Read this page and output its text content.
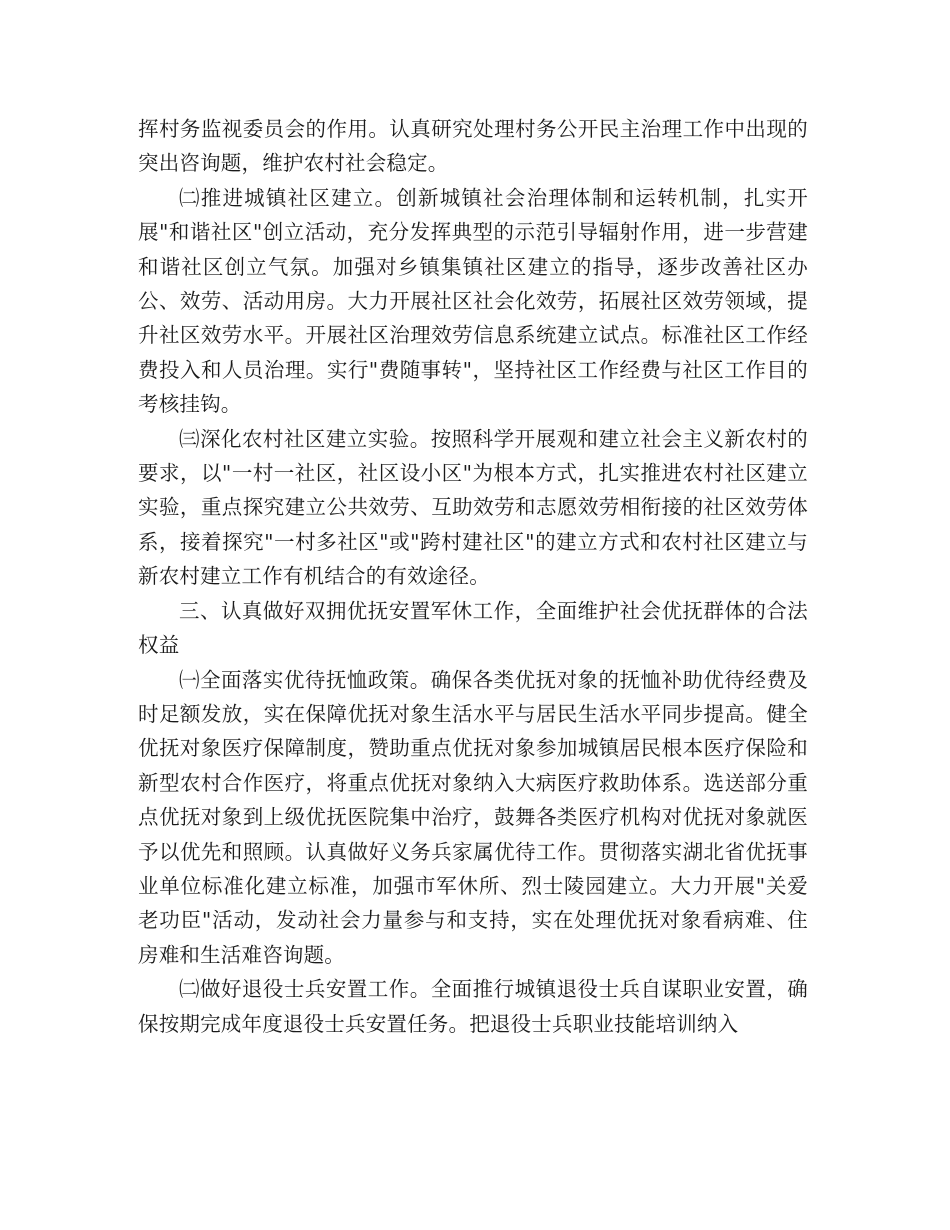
挥村务监视委员会的作用。认真研究处理村务公开民主治理工作中出现的突出咨询题，维护农村社会稳定。

㈡推进城镇社区建立。创新城镇社会治理体制和运转机制，扎实开展"和谐社区"创立活动，充分发挥典型的示范引导辐射作用，进一步营建和谐社区创立气氛。加强对乡镇集镇社区建立的指导，逐步改善社区办公、效劳、活动用房。大力开展社区社会化效劳，拓展社区效劳领域，提升社区效劳水平。开展社区治理效劳信息系统建立试点。标准社区工作经费投入和人员治理。实行"费随事转"，坚持社区工作经费与社区工作目的考核挂钩。

㈢深化农村社区建立实验。按照科学开展观和建立社会主义新农村的要求，以"一村一社区，社区设小区"为根本方式，扎实推进农村社区建立实验，重点探究建立公共效劳、互助效劳和志愿效劳相衔接的社区效劳体系，接着探究"一村多社区"或"跨村建社区"的建立方式和农村社区建立与新农村建立工作有机结合的有效途径。

三、认真做好双拥优抚安置军休工作，全面维护社会优抚群体的合法权益

㈠全面落实优待抚恤政策。确保各类优抚对象的抚恤补助优待经费及时足额发放，实在保障优抚对象生活水平与居民生活水平同步提高。健全优抚对象医疗保障制度，赞助重点优抚对象参加城镇居民根本医疗保险和新型农村合作医疗，将重点优抚对象纳入大病医疗救助体系。选送部分重点优抚对象到上级优抚医院集中治疗，鼓舞各类医疗机构对优抚对象就医予以优先和照顾。认真做好义务兵家属优待工作。贯彻落实湖北省优抚事业单位标准化建立标准，加强市军休所、烈士陵园建立。大力开展"关爱老功臣"活动，发动社会力量参与和支持，实在处理优抚对象看病难、住房难和生活难咨询题。

㈡做好退役士兵安置工作。全面推行城镇退役士兵自谋职业安置，确保按期完成年度退役士兵安置任务。把退役士兵职业技能培训纳入
